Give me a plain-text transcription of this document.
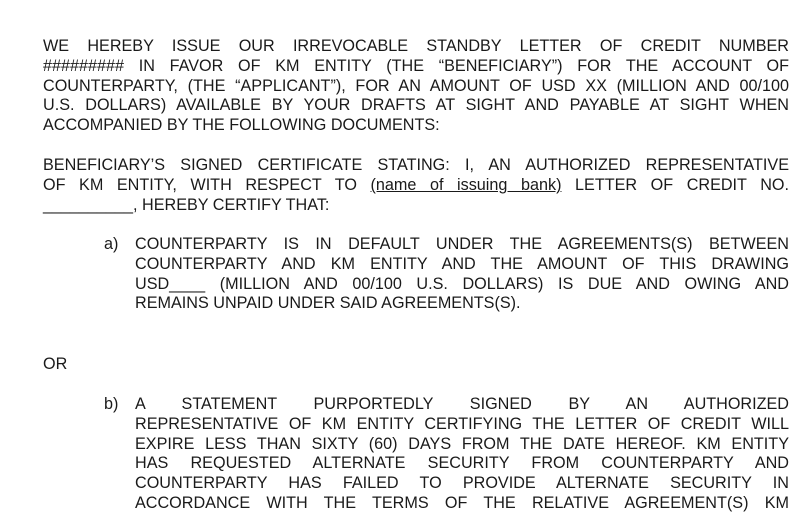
WE HEREBY ISSUE OUR IRREVOCABLE STANDBY LETTER OF CREDIT NUMBER
######### IN FAVOR OF KM ENTITY (THE “BENEFICIARY”) FOR THE ACCOUNT OF
COUNTERPARTY, (THE “APPLICANT”), FOR AN AMOUNT OF USD XX (MILLION AND 00/100
U.S. DOLLARS) AVAILABLE BY YOUR DRAFTS AT SIGHT AND PAYABLE AT SIGHT WHEN
ACCOMPANIED BY THE FOLLOWING DOCUMENTS:

BENEFICIARY’S SIGNED CERTIFICATE STATING: I, AN AUTHORIZED REPRESENTATIVE
OF KM ENTITY, WITH RESPECT TO (name of issuing bank) LETTER OF CREDIT NO.
__________, HEREBY CERTIFY THAT:

a) COUNTERPARTY IS IN DEFAULT UNDER THE AGREEMENTS(S) BETWEEN
COUNTERPARTY AND KM ENTITY AND THE AMOUNT OF THIS DRAWING
USD____ (MILLION AND 00/100 U.S. DOLLARS) IS DUE AND OWING AND
REMAINS UNPAID UNDER SAID AGREEMENTS(S).
OR
b) A STATEMENT PURPORTEDLY SIGNED BY AN AUTHORIZED
REPRESENTATIVE OF KM ENTITY CERTIFYING THE LETTER OF CREDIT WILL
EXPIRE LESS THAN SIXTY (60) DAYS FROM THE DATE HEREOF. KM ENTITY
HAS REQUESTED ALTERNATE SECURITY FROM COUNTERPARTY AND
COUNTERPARTY HAS FAILED TO PROVIDE ALTERNATE SECURITY IN
ACCORDANCE WITH THE TERMS OF THE RELATIVE AGREEMENT(S) KM
